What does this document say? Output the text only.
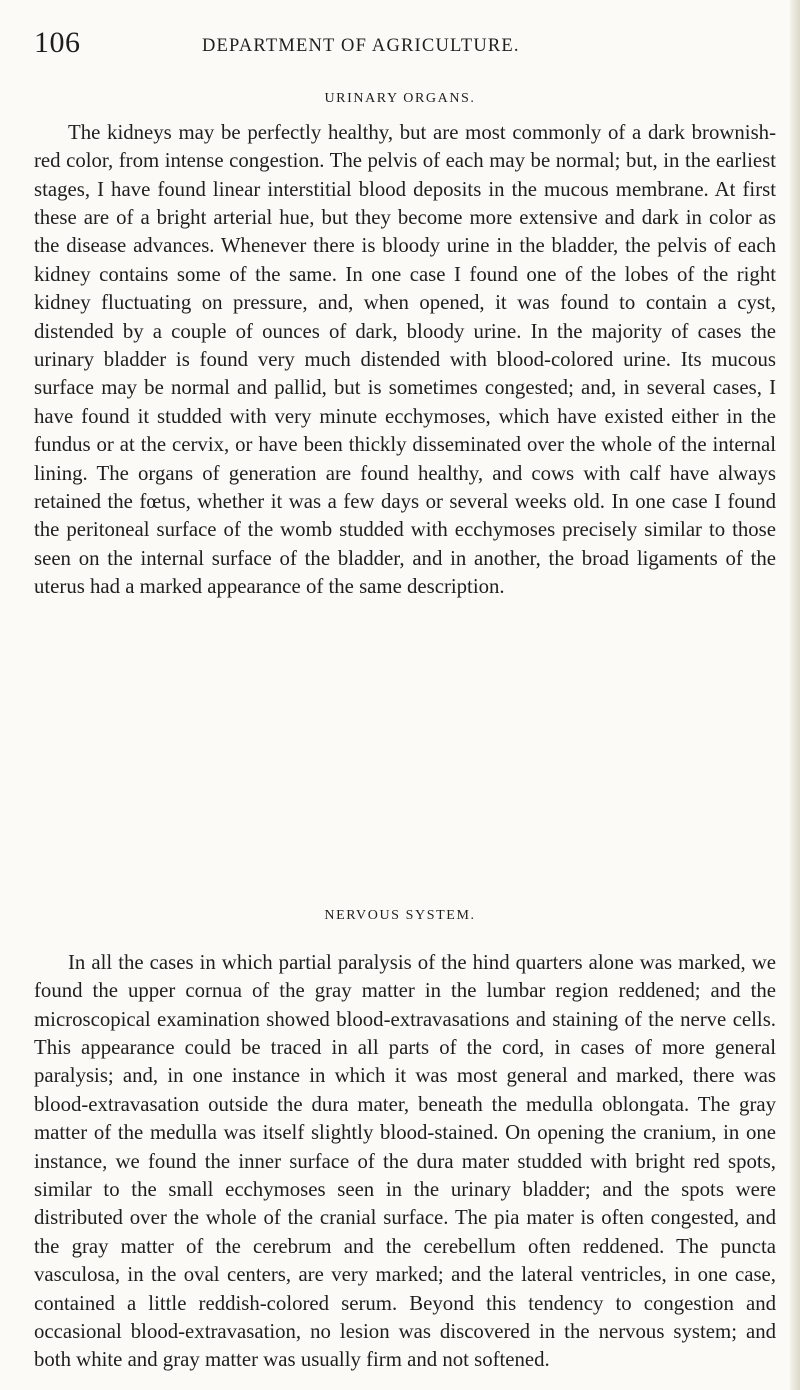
106	DEPARTMENT OF AGRICULTURE.
URINARY ORGANS.

The kidneys may be perfectly healthy, but are most commonly of a dark brownish-red color, from intense congestion. The pelvis of each may be normal; but, in the earliest stages, I have found linear interstitial blood deposits in the mucous membrane. At first these are of a bright arterial hue, but they become more extensive and dark in color as the disease advances. Whenever there is bloody urine in the bladder, the pelvis of each kidney contains some of the same. In one case I found one of the lobes of the right kidney fluctuating on pressure, and, when opened, it was found to contain a cyst, distended by a couple of ounces of dark, bloody urine. In the majority of cases the urinary bladder is found very much distended with blood-colored urine. Its mucous surface may be normal and pallid, but is sometimes congested; and, in several cases, I have found it studded with very minute ecchymoses, which have existed either in the fundus or at the cervix, or have been thickly disseminated over the whole of the internal lining. The organs of generation are found healthy, and cows with calf have always retained the fœtus, whether it was a few days or several weeks old. In one case I found the peritoneal surface of the womb studded with ecchymoses precisely similar to those seen on the internal surface of the bladder, and in another, the broad ligaments of the uterus had a marked appearance of the same description.

NERVOUS SYSTEM.

In all the cases in which partial paralysis of the hind quarters alone was marked, we found the upper cornua of the gray matter in the lumbar region reddened; and the microscopical examination showed blood-extravasations and staining of the nerve cells. This appearance could be traced in all parts of the cord, in cases of more general paralysis; and, in one instance in which it was most general and marked, there was blood-extravasation outside the dura mater, beneath the medulla oblongata. The gray matter of the medulla was itself slightly blood-stained. On opening the cranium, in one instance, we found the inner surface of the dura mater studded with bright red spots, similar to the small ecchymoses seen in the urinary bladder; and the spots were distributed over the whole of the cranial surface. The pia mater is often congested, and the gray matter of the cerebrum and the cerebellum often reddened. The puncta vasculosa, in the oval centers, are very marked; and the lateral ventricles, in one case, contained a little reddish-colored serum. Beyond this tendency to congestion and occasional blood-extravasation, no lesion was discovered in the nervous system; and both white and gray matter was usually firm and not softened.
